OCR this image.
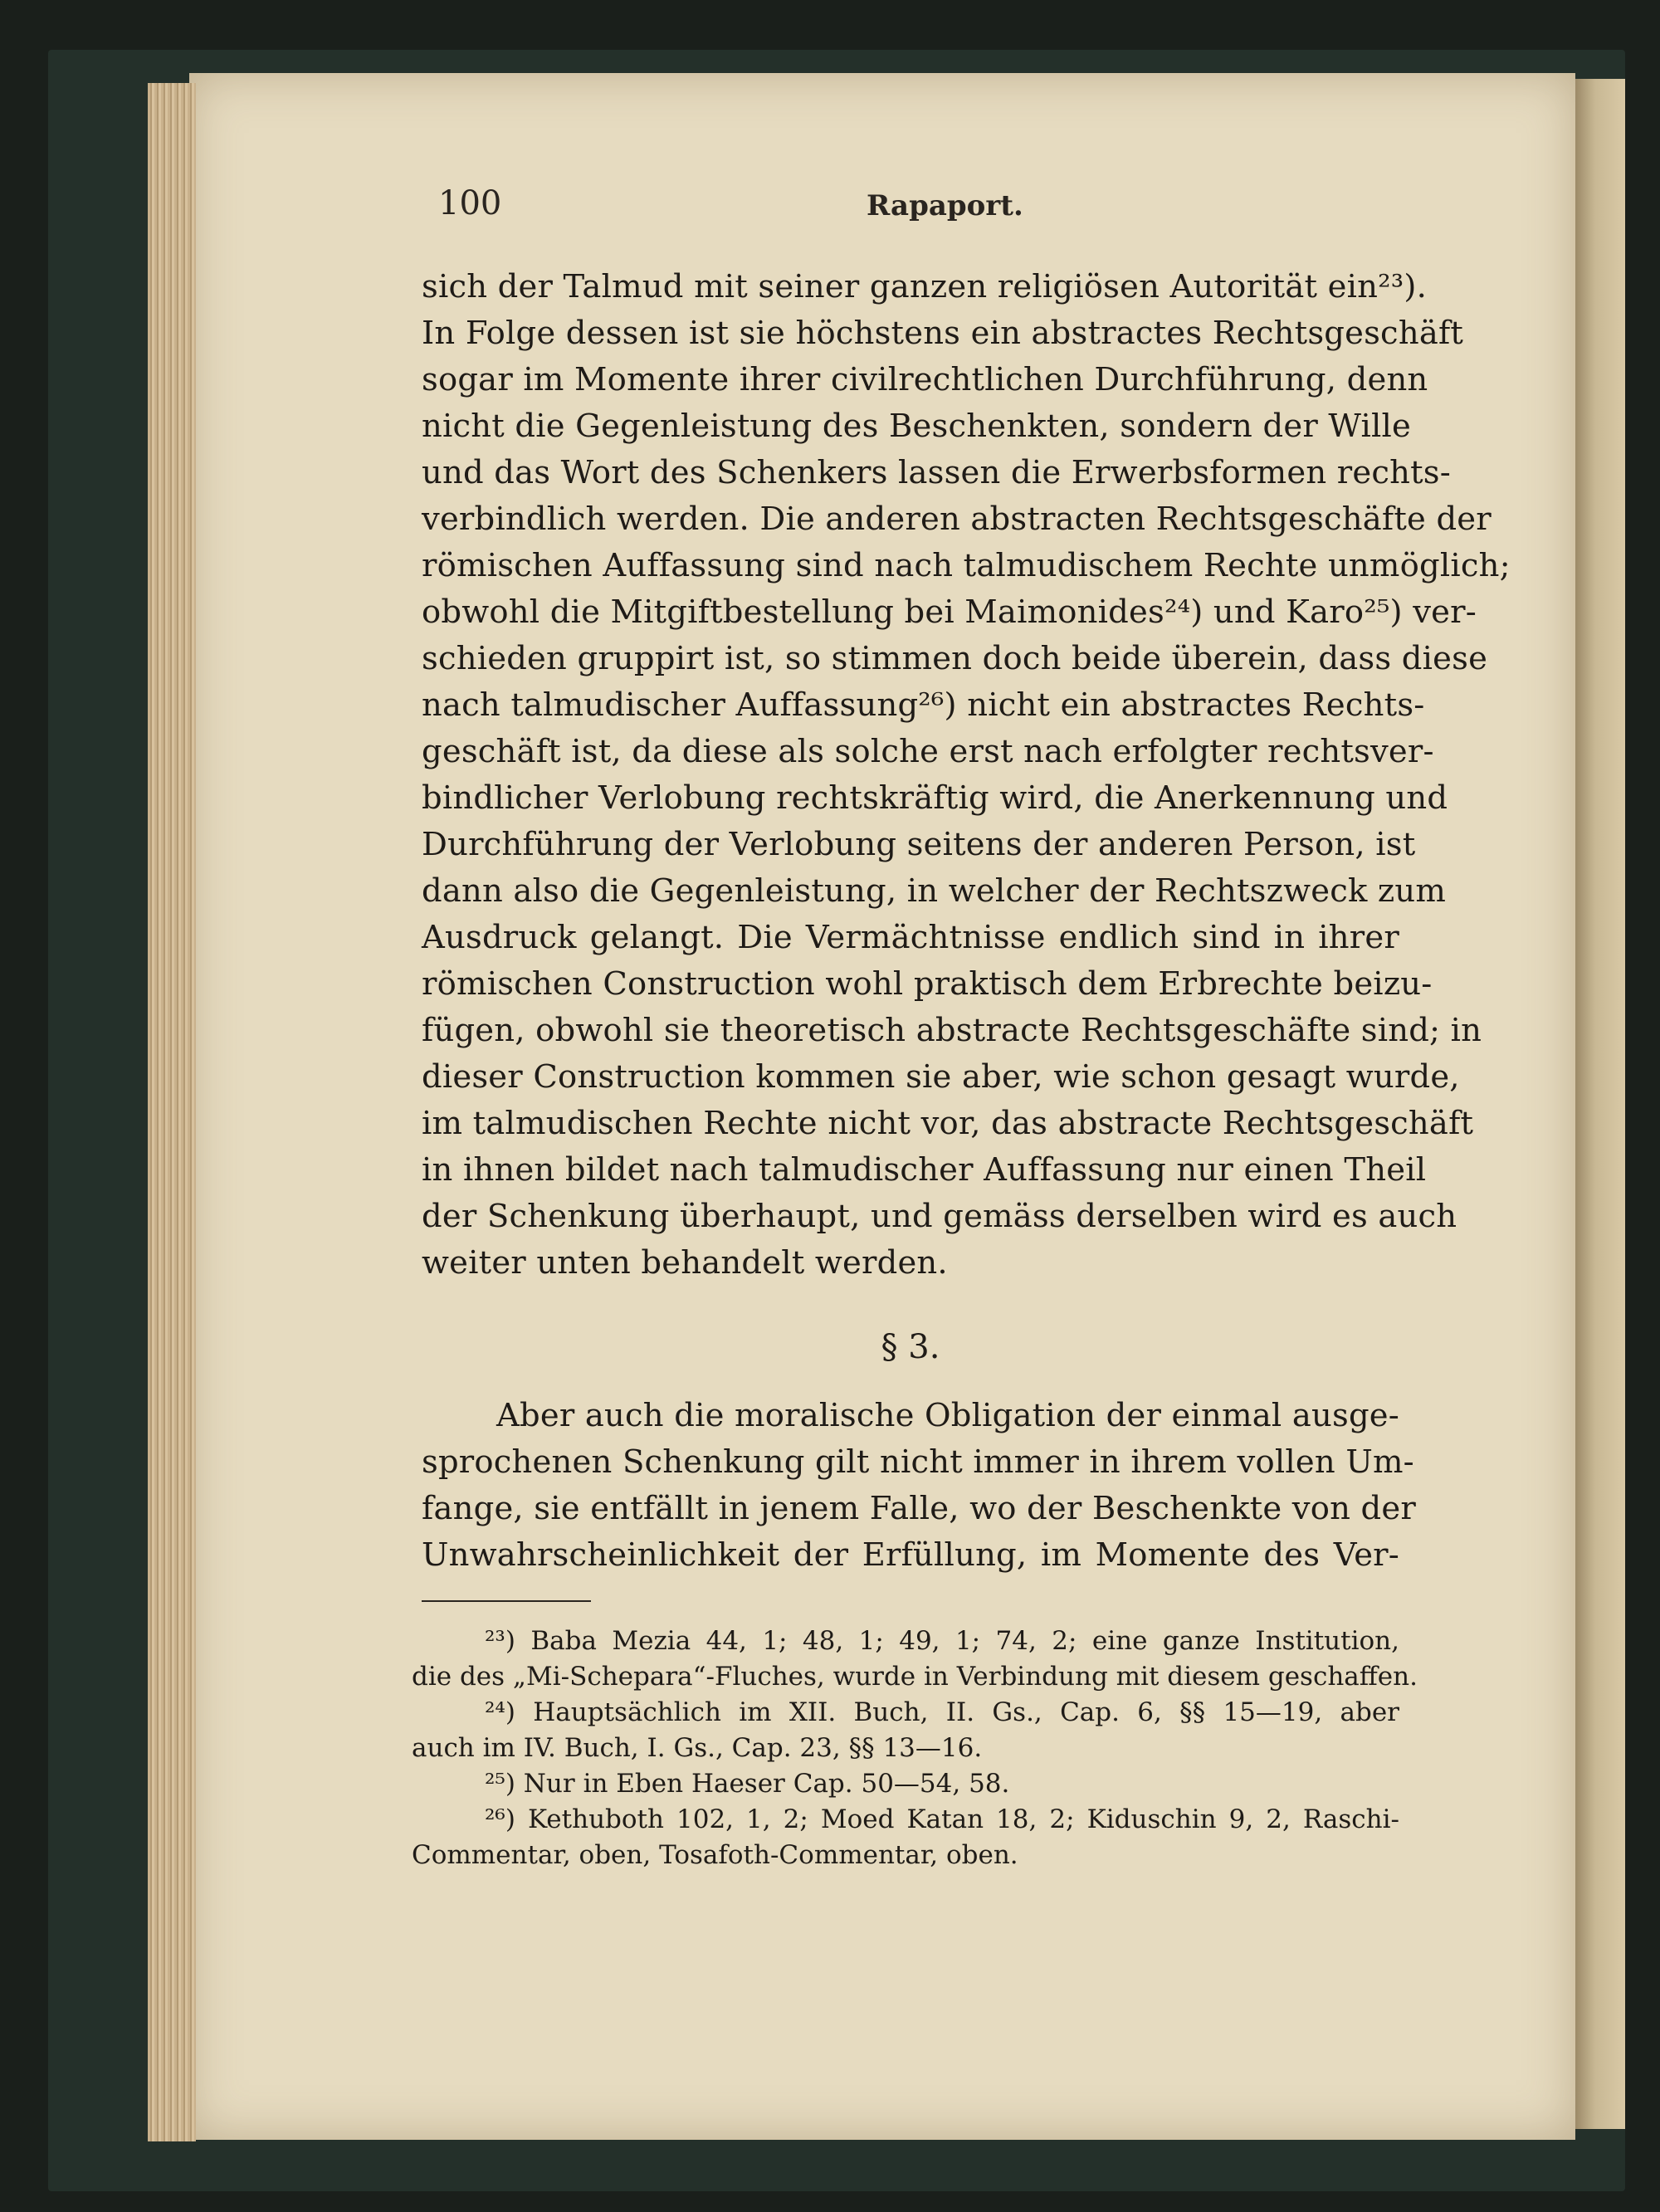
100	Rapaport.
sich der Talmud mit seiner ganzen religiösen Autorität ein²³).
In Folge dessen ist sie höchstens ein abstractes Rechtsgeschäft
sogar im Momente ihrer civilrechtlichen Durchführung, denn
nicht die Gegenleistung des Beschenkten, sondern der Wille
und das Wort des Schenkers lassen die Erwerbsformen rechts-
verbindlich werden. Die anderen abstracten Rechtsgeschäfte der
römischen Auffassung sind nach talmudischem Rechte unmöglich;
obwohl die Mitgiftbestellung bei Maimonides²⁴) und Karo²⁵) ver-
schieden gruppirt ist, so stimmen doch beide überein, dass diese
nach talmudischer Auffassung²⁶) nicht ein abstractes Rechts-
geschäft ist, da diese als solche erst nach erfolgter rechtsver-
bindlicher Verlobung rechtskräftig wird, die Anerkennung und
Durchführung der Verlobung seitens der anderen Person, ist
dann also die Gegenleistung, in welcher der Rechtszweck zum
Ausdruck gelangt. Die Vermächtnisse endlich sind in ihrer
römischen Construction wohl praktisch dem Erbrechte beizu-
fügen, obwohl sie theoretisch abstracte Rechtsgeschäfte sind; in
dieser Construction kommen sie aber, wie schon gesagt wurde,
im talmudischen Rechte nicht vor, das abstracte Rechtsgeschäft
in ihnen bildet nach talmudischer Auffassung nur einen Theil
der Schenkung überhaupt, und gemäss derselben wird es auch
weiter unten behandelt werden.
§ 3.
Aber auch die moralische Obligation der einmal ausge-
sprochenen Schenkung gilt nicht immer in ihrem vollen Um-
fange, sie entfällt in jenem Falle, wo der Beschenkte von der
Unwahrscheinlichkeit der Erfüllung, im Momente des Ver-
²³) Baba Mezia 44, 1; 48, 1; 49, 1; 74, 2; eine ganze Institution,
die des „Mi-Schepara“-Fluches, wurde in Verbindung mit diesem geschaffen.
²⁴) Hauptsächlich im XII. Buch, II. Gs., Cap. 6, §§ 15—19, aber
auch im IV. Buch, I. Gs., Cap. 23, §§ 13—16.
²⁵) Nur in Eben Haeser Cap. 50—54, 58.
²⁶) Kethuboth 102, 1, 2; Moed Katan 18, 2; Kiduschin 9, 2, Raschi-
Commentar, oben, Tosafoth-Commentar, oben.
